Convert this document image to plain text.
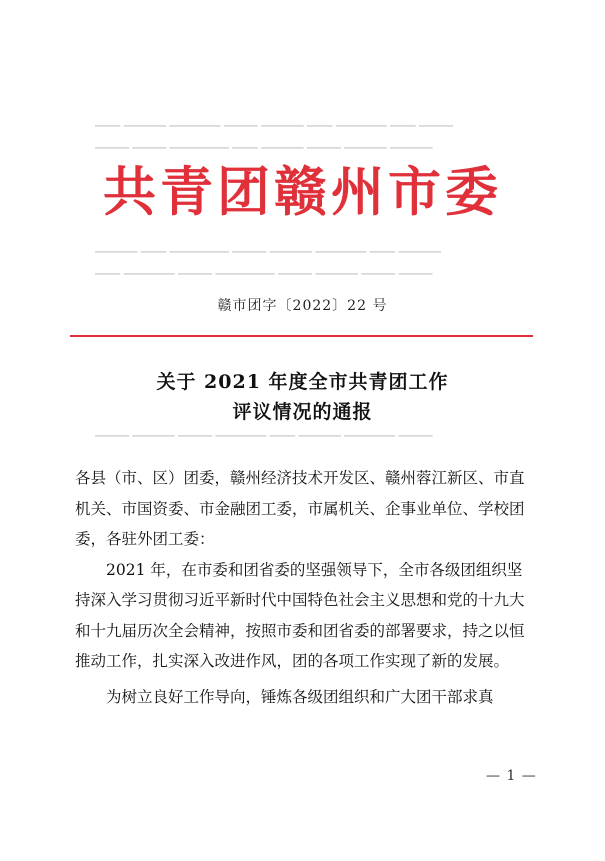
▁▁▁ ▁▁▁▁▁ ▁▁▁▁▁▁ ▁▁▁▁ ▁▁▁▁▁ ▁▁▁ ▁▁▁▁▁▁ ▁▁▁ ▁▁▁▁
▁▁▁▁ ▁▁▁▁ ▁▁▁▁▁▁▁ ▁▁▁ ▁▁▁▁▁ ▁▁▁▁ ▁▁▁▁▁ ▁▁▁▁▁
▁▁▁▁▁ ▁▁▁ ▁▁▁▁▁▁▁ ▁▁▁▁ ▁▁▁▁▁ ▁▁▁▁▁▁ ▁▁▁ ▁▁▁▁▁
▁▁▁ ▁▁▁▁▁▁ ▁▁▁▁ ▁▁▁▁▁▁▁ ▁▁▁▁ ▁▁▁▁▁ ▁▁▁▁ ▁▁▁▁
▁▁▁▁ ▁▁▁▁▁ ▁▁▁▁ ▁▁▁▁▁▁ ▁▁▁ ▁▁▁▁▁ ▁▁▁▁▁▁ ▁▁▁▁
共青团赣州市委
赣市团字〔2022〕22 号
关于 2021 年度全市共青团工作
评议情况的通报

各县（市、区）团委，赣州经济技术开发区、赣州蓉江新区、市直机关、市国资委、市金融团工委，市属机关、企事业单位、学校团委，各驻外团工委：

2021 年，在市委和团省委的坚强领导下，全市各级团组织坚持深入学习贯彻习近平新时代中国特色社会主义思想和党的十九大和十九届历次全会精神，按照市委和团省委的部署要求，持之以恒推动工作，扎实深入改进作风，团的各项工作实现了新的发展。

为树立良好工作导向，锤炼各级团组织和广大团干部求真

— 1 —
